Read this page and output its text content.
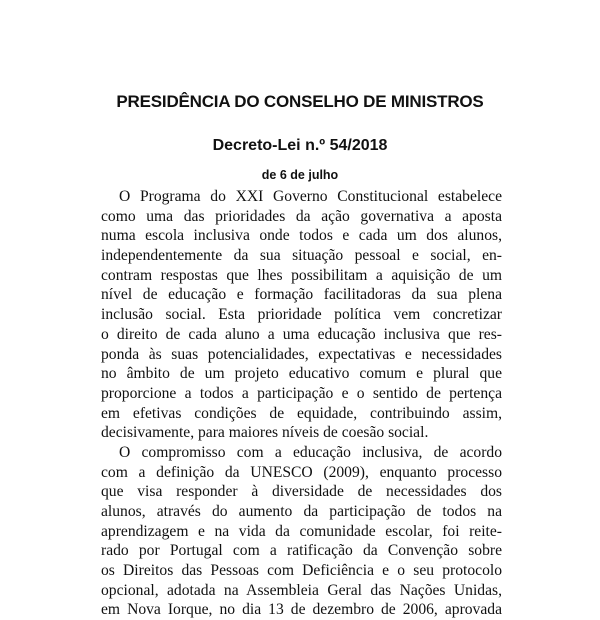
PRESIDÊNCIA DO CONSELHO DE MINISTROS
Decreto-Lei n.º 54/2018
de 6 de julho
O Programa do XXI Governo Constitucional estabelece
como uma das prioridades da ação governativa a aposta
numa escola inclusiva onde todos e cada um dos alunos,
independentemente da sua situação pessoal e social, en-
contram respostas que lhes possibilitam a aquisição de um
nível de educação e formação facilitadoras da sua plena
inclusão social. Esta prioridade política vem concretizar
o direito de cada aluno a uma educação inclusiva que res-
ponda às suas potencialidades, expectativas e necessidades
no âmbito de um projeto educativo comum e plural que
proporcione a todos a participação e o sentido de pertença
em efetivas condições de equidade, contribuindo assim,
decisivamente, para maiores níveis de coesão social.
O compromisso com a educação inclusiva, de acordo
com a definição da UNESCO (2009), enquanto processo
que visa responder à diversidade de necessidades dos
alunos, através do aumento da participação de todos na
aprendizagem e na vida da comunidade escolar, foi reite-
rado por Portugal com a ratificação da Convenção sobre
os Direitos das Pessoas com Deficiência e o seu protocolo
opcional, adotada na Assembleia Geral das Nações Unidas,
em Nova Iorque, no dia 13 de dezembro de 2006, aprovada
